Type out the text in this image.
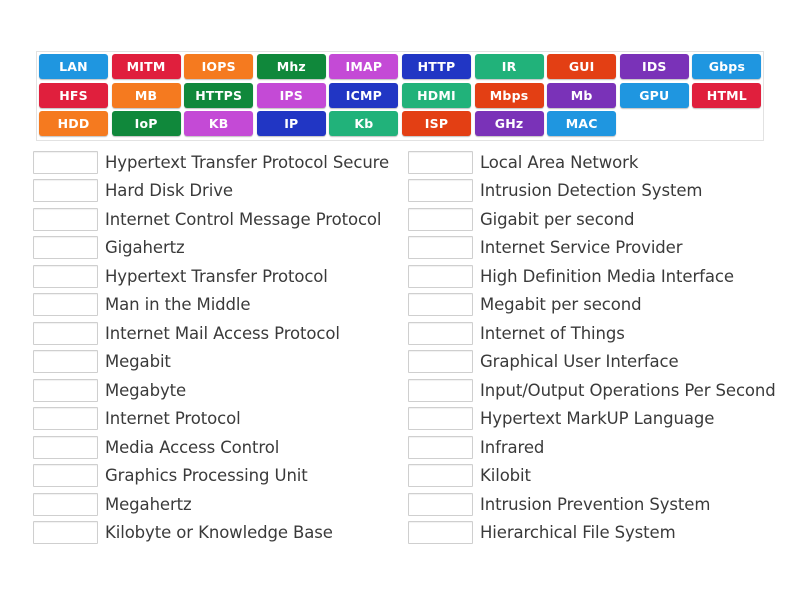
LAN	MITM	IOPS	Mhz	IMAP	HTTP	IR	GUI	IDS	Gbps
HFS	MB	HTTPS	IPS	ICMP	HDMI	Mbps	Mb	GPU	HTML
HDD	IoP	KB	IP	Kb	ISP	GHz	MAC
Hypertext Transfer Protocol Secure
Hard Disk Drive
Internet Control Message Protocol
Gigahertz
Hypertext Transfer Protocol
Man in the Middle
Internet Mail Access Protocol
Megabit
Megabyte
Internet Protocol
Media Access Control
Graphics Processing Unit
Megahertz
Kilobyte or Knowledge Base
Local Area Network
Intrusion Detection System
Gigabit per second
Internet Service Provider
High Definition Media Interface
Megabit per second
Internet of Things
Graphical User Interface
Input/Output Operations Per Second
Hypertext MarkUP Language
Infrared
Kilobit
Intrusion Prevention System
Hierarchical File System
